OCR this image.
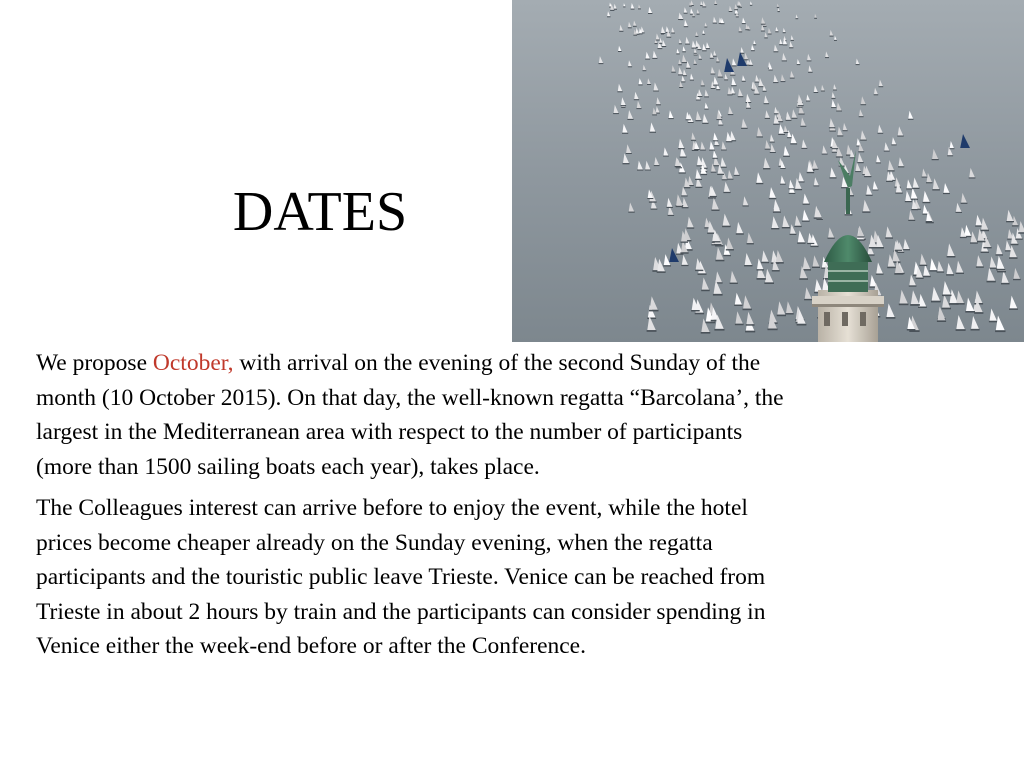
DATES

We propose October, with arrival on the evening of the second Sunday of the month (10 October 2015). On that day, the well-known regatta “Barcolana’, the largest in the Mediterranean area with respect to the number of participants (more than 1500 sailing boats each year), takes place.

The Colleagues interest can arrive before to enjoy the event, while the hotel prices become cheaper already on the Sunday evening, when the regatta participants and the touristic public leave Trieste. Venice can be reached from Trieste in about 2 hours by train and the participants can consider spending in Venice either the week-end before or after the Conference.
